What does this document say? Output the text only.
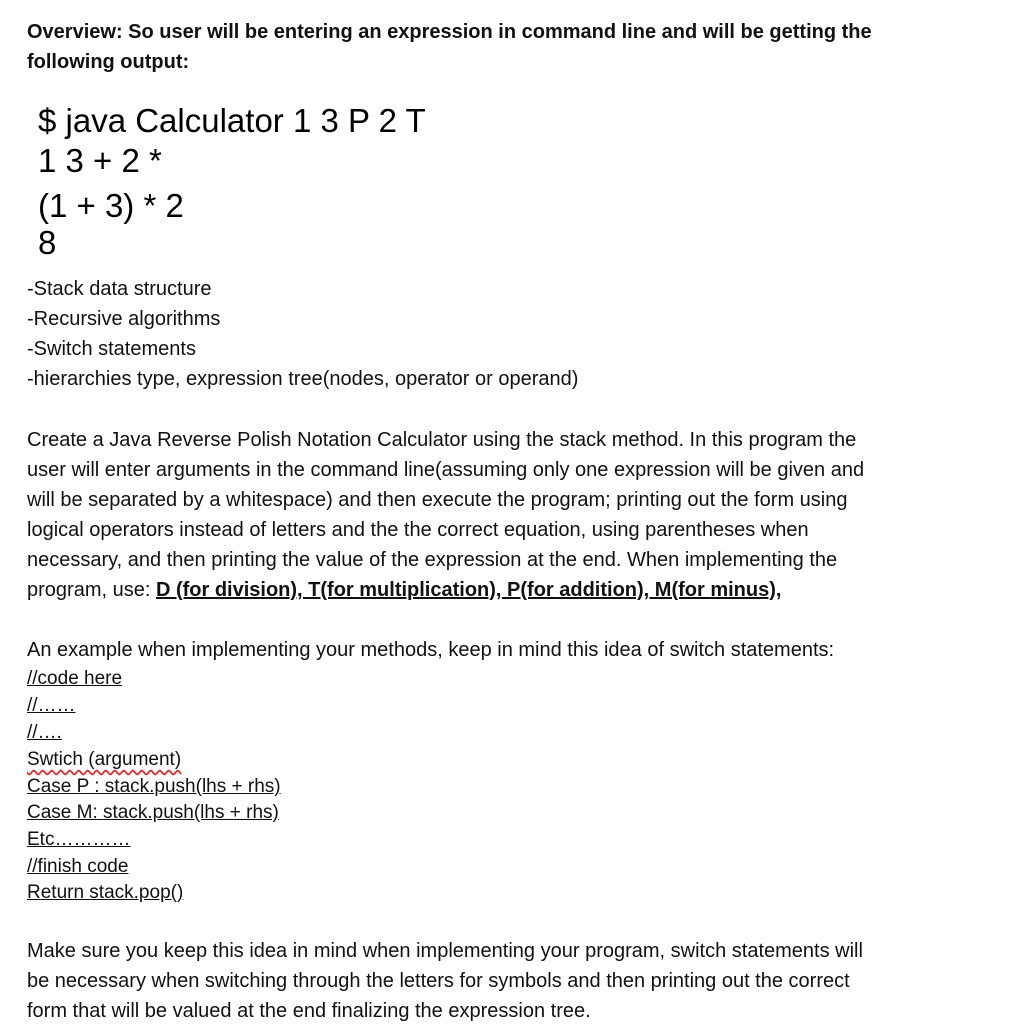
Overview: So user will be entering an expression in command line and will be getting the
following output:
$ java Calculator 1 3 P 2 T
1 3 + 2 *
(1 + 3) * 2
8
-Stack data structure
-Recursive algorithms
-Switch statements
-hierarchies type, expression tree(nodes, operator or operand)
Create a Java Reverse Polish Notation Calculator using the stack method. In this program the
user will enter arguments in the command line(assuming only one expression will be given and
will be separated by a whitespace) and then execute the program; printing out the form using
logical operators instead of letters and the the correct equation, using parentheses when
necessary, and then printing the value of the expression at the end. When implementing the
program, use: D (for division), T(for multiplication), P(for addition), M(for minus),
An example when implementing your methods, keep in mind this idea of switch statements:
//code here
//……
//….
Swtich (argument)
Case P : stack.push(lhs + rhs)
Case M: stack.push(lhs + rhs)
Etc…………
//finish code
Return stack.pop()
Make sure you keep this idea in mind when implementing your program, switch statements will
be necessary when switching through the letters for symbols and then printing out the correct
form that will be valued at the end finalizing the expression tree.
